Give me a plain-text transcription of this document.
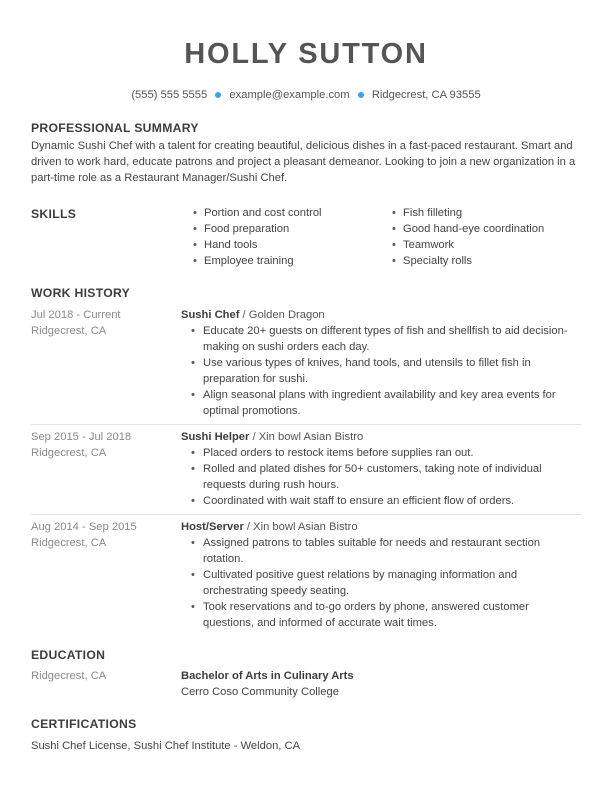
HOLLY SUTTON
(555) 555 5555 example@example.com Ridgecrest, CA 93555
PROFESSIONAL SUMMARY
Dynamic Sushi Chef with a talent for creating beautiful, delicious dishes in a fast-paced restaurant. Smart and driven to work hard, educate patrons and project a pleasant demeanor. Looking to join a new organization in a part-time role as a Restaurant Manager/Sushi Chef.
SKILLS
•	Portion and cost control
• Food preparation
• Hand tools
• Employee training
• Fish filleting
• Good hand-eye coordination
• Teamwork
• Specialty rolls
WORK HISTORY
Jul 2018 - Current
Ridgecrest, CA
Sushi Chef / Golden Dragon
• Educate 20+ guests on different types of fish and shellfish to aid decision-making on sushi orders each day.
• Use various types of knives, hand tools, and utensils to fillet fish in preparation for sushi.
• Align seasonal plans with ingredient availability and key area events for optimal promotions.
Sep 2015 - Jul 2018
Ridgecrest, CA
Sushi Helper / Xin bowl Asian Bistro
• Placed orders to restock items before supplies ran out.
• Rolled and plated dishes for 50+ customers, taking note of individual requests during rush hours.
• Coordinated with wait staff to ensure an efficient flow of orders.
Aug 2014 - Sep 2015
Ridgecrest, CA
Host/Server / Xin bowl Asian Bistro
• Assigned patrons to tables suitable for needs and restaurant section rotation.
• Cultivated positive guest relations by managing information and orchestrating speedy seating.
• Took reservations and to-go orders by phone, answered customer questions, and informed of accurate wait times.
EDUCATION
Ridgecrest, CA	Bachelor of Arts in Culinary Arts
Cerro Coso Community College
CERTIFICATIONS
Sushi Chef License, Sushi Chef Institute - Weldon, CA
